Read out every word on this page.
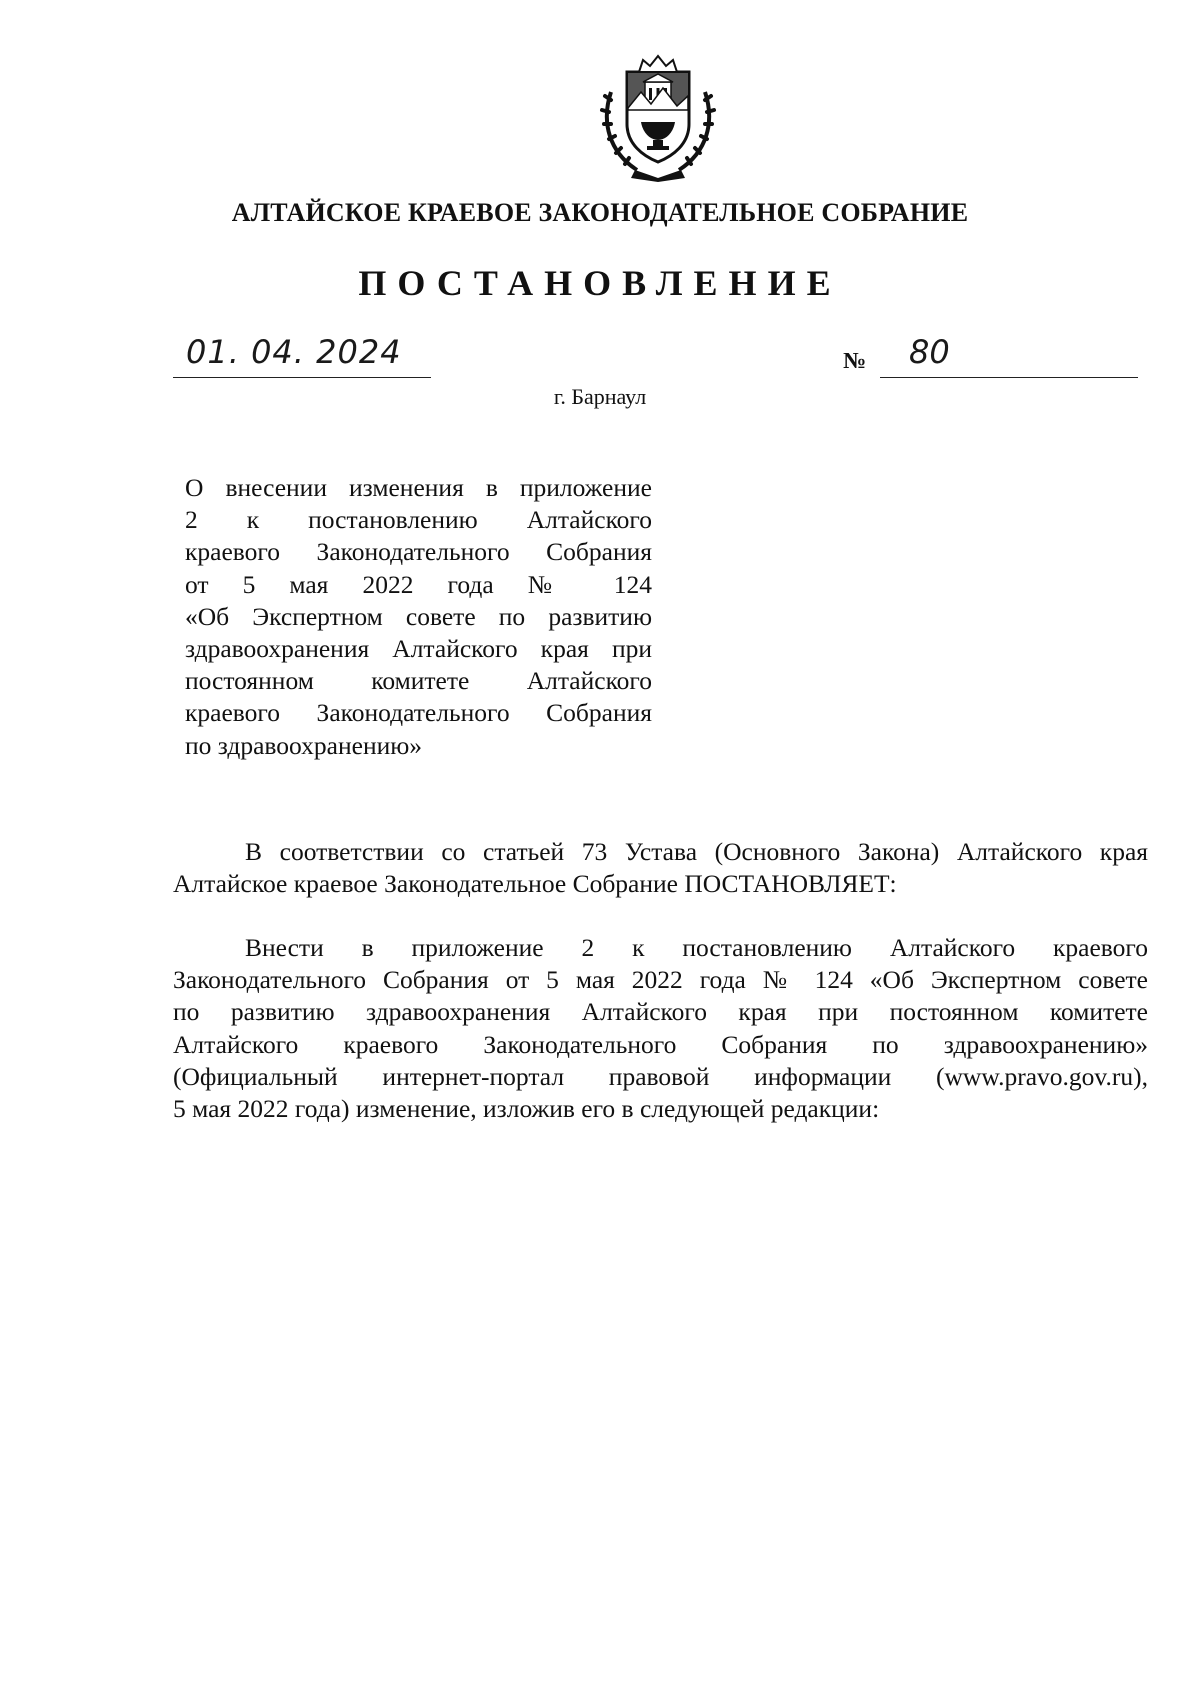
АЛТАЙСКОЕ КРАЕВОЕ ЗАКОНОДАТЕЛЬНОЕ СОБРАНИЕ
ПОСТАНОВЛЕНИЕ
01. 04. 2024	№ 80
г. Барнаул
О внесении изменения в приложение
2 к постановлению Алтайского
краевого Законодательного Собрания
от 5 мая 2022 года № 124
«Об Экспертном совете по развитию
здравоохранения Алтайского края при
постоянном комитете Алтайского
краевого Законодательного Собрания
по здравоохранению»
В соответствии со статьей 73 Устава (Основного Закона) Алтайского края
Алтайское краевое Законодательное Собрание ПОСТАНОВЛЯЕТ:
Внести в приложение 2 к постановлению Алтайского краевого
Законодательного Собрания от 5 мая 2022 года № 124 «Об Экспертном совете
по развитию здравоохранения Алтайского края при постоянном комитете
Алтайского краевого Законодательного Собрания по здравоохранению»
(Официальный интернет-портал правовой информации (www.pravo.gov.ru),
5 мая 2022 года) изменение, изложив его в следующей редакции:
